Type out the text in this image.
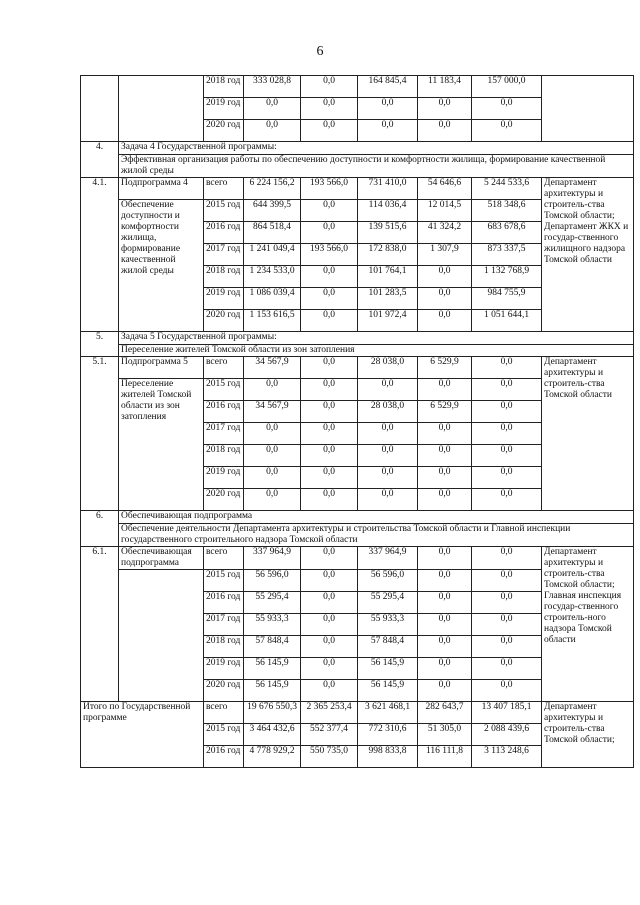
6
		2018 год	333 028,8	0,0	164 845,4	11 183,4	157 000,0	
		2019 год	0,0	0,0	0,0	0,0	0,0	
		2020 год	0,0	0,0	0,0	0,0	0,0	
4.	Задача 4 Государственной программы:							
	Эффективная организация работы по обеспечению доступности и комфортности жилища, формирование качественной жилой среды							
4.1.	Подпрограмма 4	всего	6 224 156,2	193 566,0	731 410,0	54 646,6	5 244 533,6	Департамент архитектуры и строитель-ства Томской области; Департамент ЖКХ и государ-ственного жилищного надзора Томской области
	Обеспечение доступности и комфортности жилища, формирование качественной жилой среды	2015 год	644 399,5	0,0	114 036,4	12 014,5	518 348,6	
		2016 год	864 518,4	0,0	139 515,6	41 324,2	683 678,6	
		2017 год	1 241 049,4	193 566,0	172 838,0	1 307,9	873 337,5	
		2018 год	1 234 533,0	0,0	101 764,1	0,0	1 132 768,9	
		2019 год	1 086 039,4	0,0	101 283,5	0,0	984 755,9	
		2020 год	1 153 616,5	0,0	101 972,4	0,0	1 051 644,1	
5.	Задача 5 Государственной программы:							
	Переселение жителей Томской области из зон затопления							
5.1.	Подпрограмма 5	всего	34 567,9	0,0	28 038,0	6 529,9	0,0	Департамент архитектуры и строитель-ства Томской области
	Переселение жителей Томской области из зон затопления	2015 год	0,0	0,0	0,0	0,0	0,0	
		2016 год	34 567,9	0,0	28 038,0	6 529,9	0,0	
		2017 год	0,0	0,0	0,0	0,0	0,0	
		2018 год	0,0	0,0	0,0	0,0	0,0	
		2019 год	0,0	0,0	0,0	0,0	0,0	
		2020 год	0,0	0,0	0,0	0,0	0,0	
6.	Обеспечивающая подпрограмма							
	Обеспечение деятельности Департамента архитектуры и строительства Томской области и Главной инспекции государственного строительного надзора Томской области							
6.1.	Обеспечивающая подпрограмма	всего	337 964,9	0,0	337 964,9	0,0	0,0	Департамент архитектуры и строитель-ства Томской области; Главная инспекция государ-ственного строитель-ного надзора Томской области
		2015 год	56 596,0	0,0	56 596,0	0,0	0,0	
		2016 год	55 295,4	0,0	55 295,4	0,0	0,0	
		2017 год	55 933,3	0,0	55 933,3	0,0	0,0	
		2018 год	57 848,4	0,0	57 848,4	0,0	0,0	
		2019 год	56 145,9	0,0	56 145,9	0,0	0,0	
		2020 год	56 145,9	0,0	56 145,9	0,0	0,0	
Итого по Государственной программе		всего	19 676 550,3	2 365 253,4	3 621 468,1	282 643,7	13 407 185,1	Департамент архитектуры и строитель-ства Томской области;
		2015 год	3 464 432,6	552 377,4	772 310,6	51 305,0	2 088 439,6	
		2016 год	4 778 929,2	550 735,0	998 833,8	116 111,8	3 113 248,6	
